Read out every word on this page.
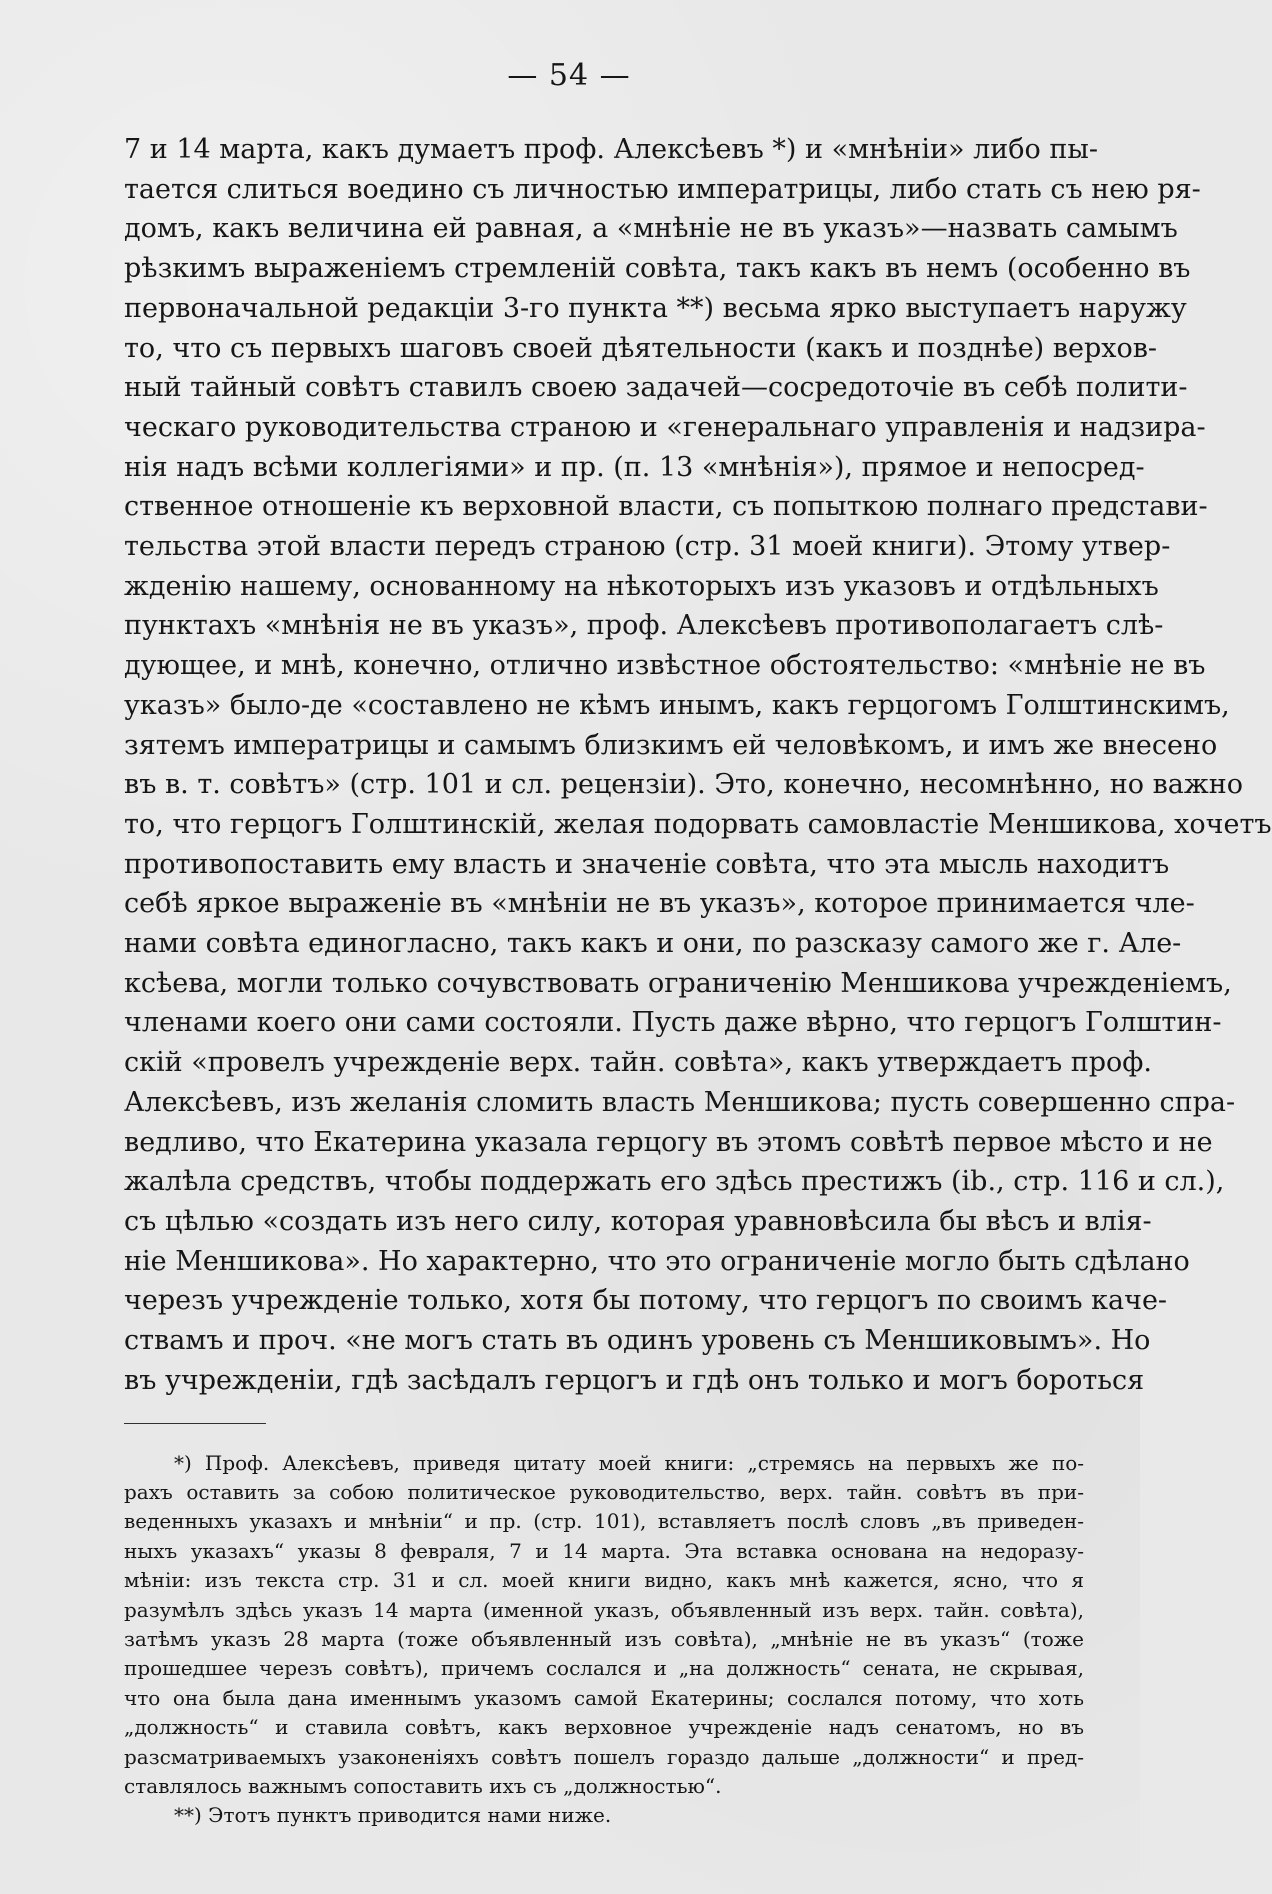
— 54 —
7 и 14 марта, какъ думаетъ проф. Алексѣевъ *) и «мнѣніи» либо пы-
тается слиться воедино съ личностью императрицы, либо стать съ нею ря-
домъ, какъ величина ей равная, а «мнѣніе не въ указъ»—назвать самымъ
рѣзкимъ выраженіемъ стремленій совѣта, такъ какъ въ немъ (особенно въ
первоначальной редакціи 3-го пункта **) весьма ярко выступаетъ наружу
то, что съ первыхъ шаговъ своей дѣятельности (какъ и позднѣе) верхов-
ный тайный совѣтъ ставилъ своею задачей—сосредоточіе въ себѣ полити-
ческаго руководительства страною и «генеральнаго управленія и надзира-
нія надъ всѣми коллегіями» и пр. (п. 13 «мнѣнія»), прямое и непосред-
ственное отношеніе къ верховной власти, съ попыткою полнаго представи-
тельства этой власти передъ страною (стр. 31 моей книги). Этому утвер-
жденію нашему, основанному на нѣкоторыхъ изъ указовъ и отдѣльныхъ
пунктахъ «мнѣнія не въ указъ», проф. Алексѣевъ противополагаетъ слѣ-
дующее, и мнѣ, конечно, отлично извѣстное обстоятельство: «мнѣніе не въ
указъ» было-де «составлено не кѣмъ инымъ, какъ герцогомъ Голштинскимъ,
зятемъ императрицы и самымъ близкимъ ей человѣкомъ, и имъ же внесено
въ в. т. совѣтъ» (стр. 101 и сл. рецензіи). Это, конечно, несомнѣнно, но важно
то, что герцогъ Голштинскій, желая подорвать самовластіе Меншикова, хочетъ
противопоставить ему власть и значеніе совѣта, что эта мысль находитъ
себѣ яркое выраженіе въ «мнѣніи не въ указъ», которое принимается чле-
нами совѣта единогласно, такъ какъ и они, по разсказу самого же г. Але-
ксѣева, могли только сочувствовать ограниченію Меншикова учрежденіемъ,
членами коего они сами состояли. Пусть даже вѣрно, что герцогъ Голштин-
скій «провелъ учрежденіе верх. тайн. совѣта», какъ утверждаетъ проф.
Алексѣевъ, изъ желанія сломить власть Меншикова; пусть совершенно спра-
ведливо, что Екатерина указала герцогу въ этомъ совѣтѣ первое мѣсто и не
жалѣла средствъ, чтобы поддержать его здѣсь престижъ (ib., стр. 116 и сл.),
съ цѣлью «создать изъ него силу, которая уравновѣсила бы вѣсъ и влія-
ніе Меншикова». Но характерно, что это ограниченіе могло быть сдѣлано
черезъ учрежденіе только, хотя бы потому, что герцогъ по своимъ каче-
ствамъ и проч. «не могъ стать въ одинъ уровень съ Меншиковымъ». Но
въ учрежденіи, гдѣ засѣдалъ герцогъ и гдѣ онъ только и могъ бороться
*) Проф. Алексѣевъ, приведя цитату моей книги: „стремясь на первыхъ же по-
рахъ оставить за собою политическое руководительство, верх. тайн. совѣтъ въ при-
веденныхъ указахъ и мнѣніи“ и пр. (стр. 101), вставляетъ послѣ словъ „въ приведен-
ныхъ указахъ“ указы 8 февраля, 7 и 14 марта. Эта вставка основана на недоразу-
мѣніи: изъ текста стр. 31 и сл. моей книги видно, какъ мнѣ кажется, ясно, что я
разумѣлъ здѣсь указъ 14 марта (именной указъ, объявленный изъ верх. тайн. совѣта),
затѣмъ указъ 28 марта (тоже объявленный изъ совѣта), „мнѣніе не въ указъ“ (тоже
прошедшее черезъ совѣтъ), причемъ сослался и „на должность“ сената, не скрывая,
что она была дана именнымъ указомъ самой Екатерины; сослался потому, что хоть
„должность“ и ставила совѣтъ, какъ верховное учрежденіе надъ сенатомъ, но въ
разсматриваемыхъ узаконеніяхъ совѣтъ пошелъ гораздо дальше „должности“ и пред-
ставлялось важнымъ сопоставить ихъ съ „должностью“.
**) Этотъ пунктъ приводится нами ниже.
